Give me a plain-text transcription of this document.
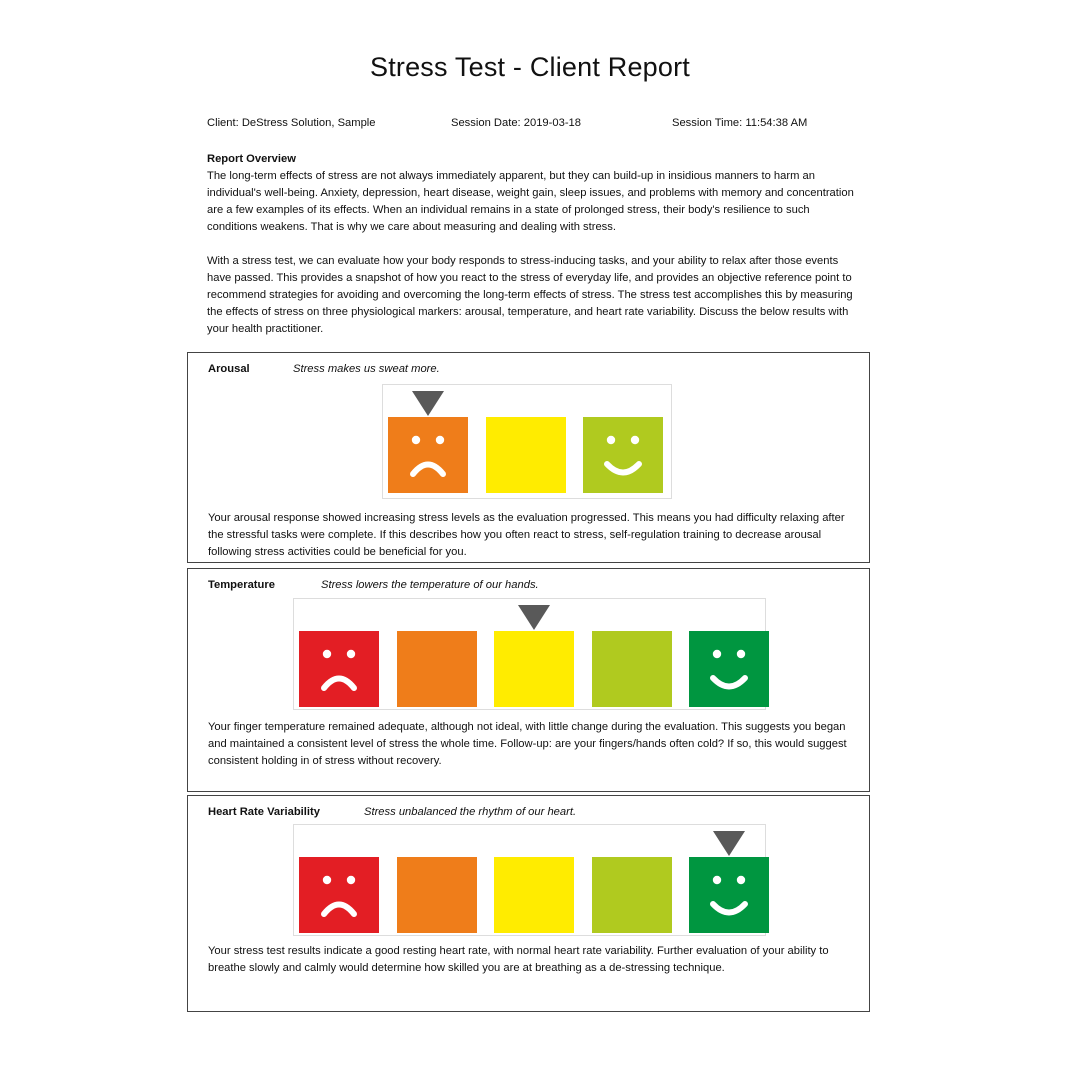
Stress Test - Client Report
Client: DeStress Solution, Sample	Session Date: 2019-03-18	Session Time: 11:54:38 AM
Report Overview

The long-term effects of stress are not always immediately apparent, but they can build-up in insidious manners to harm an individual's well-being. Anxiety, depression, heart disease, weight gain, sleep issues, and problems with memory and concentration are a few examples of its effects. When an individual remains in a state of prolonged stress, their body's resilience to such conditions weakens. That is why we care about measuring and dealing with stress.

With a stress test, we can evaluate how your body responds to stress-inducing tasks, and your ability to relax after those events have passed. This provides a snapshot of how you react to the stress of everyday life, and provides an objective reference point to recommend strategies for avoiding and overcoming the long-term effects of stress. The stress test accomplishes this by measuring the effects of stress on three physiological markers: arousal, temperature, and heart rate variability. Discuss the below results with your health practitioner.

Arousal	Stress makes us sweat more.
Your arousal response showed increasing stress levels as the evaluation progressed. This means you had difficulty relaxing after the stressful tasks were complete. If this describes how you often react to stress, self-regulation training to decrease arousal following stress activities could be beneficial for you.
Temperature	Stress lowers the temperature of our hands.
Your finger temperature remained adequate, although not ideal, with little change during the evaluation. This suggests you began and maintained a consistent level of stress the whole time. Follow-up: are your fingers/hands often cold? If so, this would suggest consistent holding in of stress without recovery.
Heart Rate Variability	Stress unbalanced the rhythm of our heart.
Your stress test results indicate a good resting heart rate, with normal heart rate variability. Further evaluation of your ability to breathe slowly and calmly would determine how skilled you are at breathing as a de-stressing technique.
